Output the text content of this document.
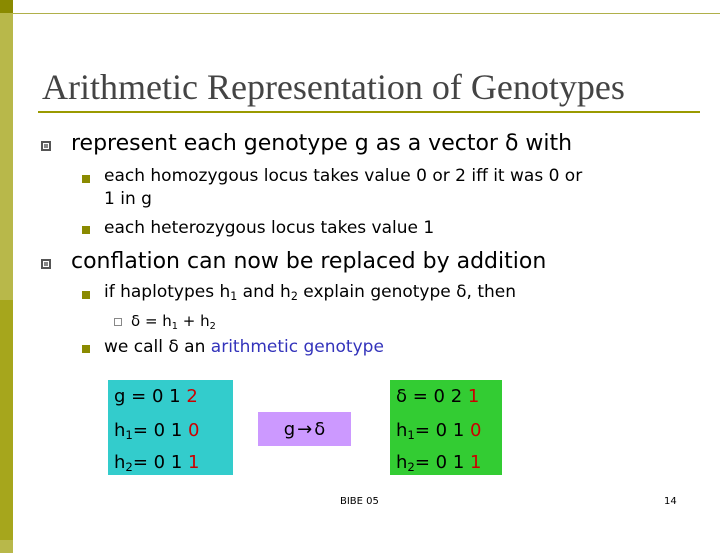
Arithmetic Representation of Genotypes
represent each genotype g as a vector δ with
each homozygous locus takes value 0 or 2 iff it was 0 or
1 in g
each heterozygous locus takes value 1
conflation can now be replaced by addition
if haplotypes $h_1$ and $h_2$ explain genotype δ, then
$\delta = h_1 + h_2$
we call δ an arithmetic genotype
g = 0 1 2
$h_1= 0$ 1 0
$h_2= 0$ 1 1
g → δ
δ = 0 2 1
$h_1= 0$ 1 0
$h_2= 0$ 1 1
BIBE 05	14
